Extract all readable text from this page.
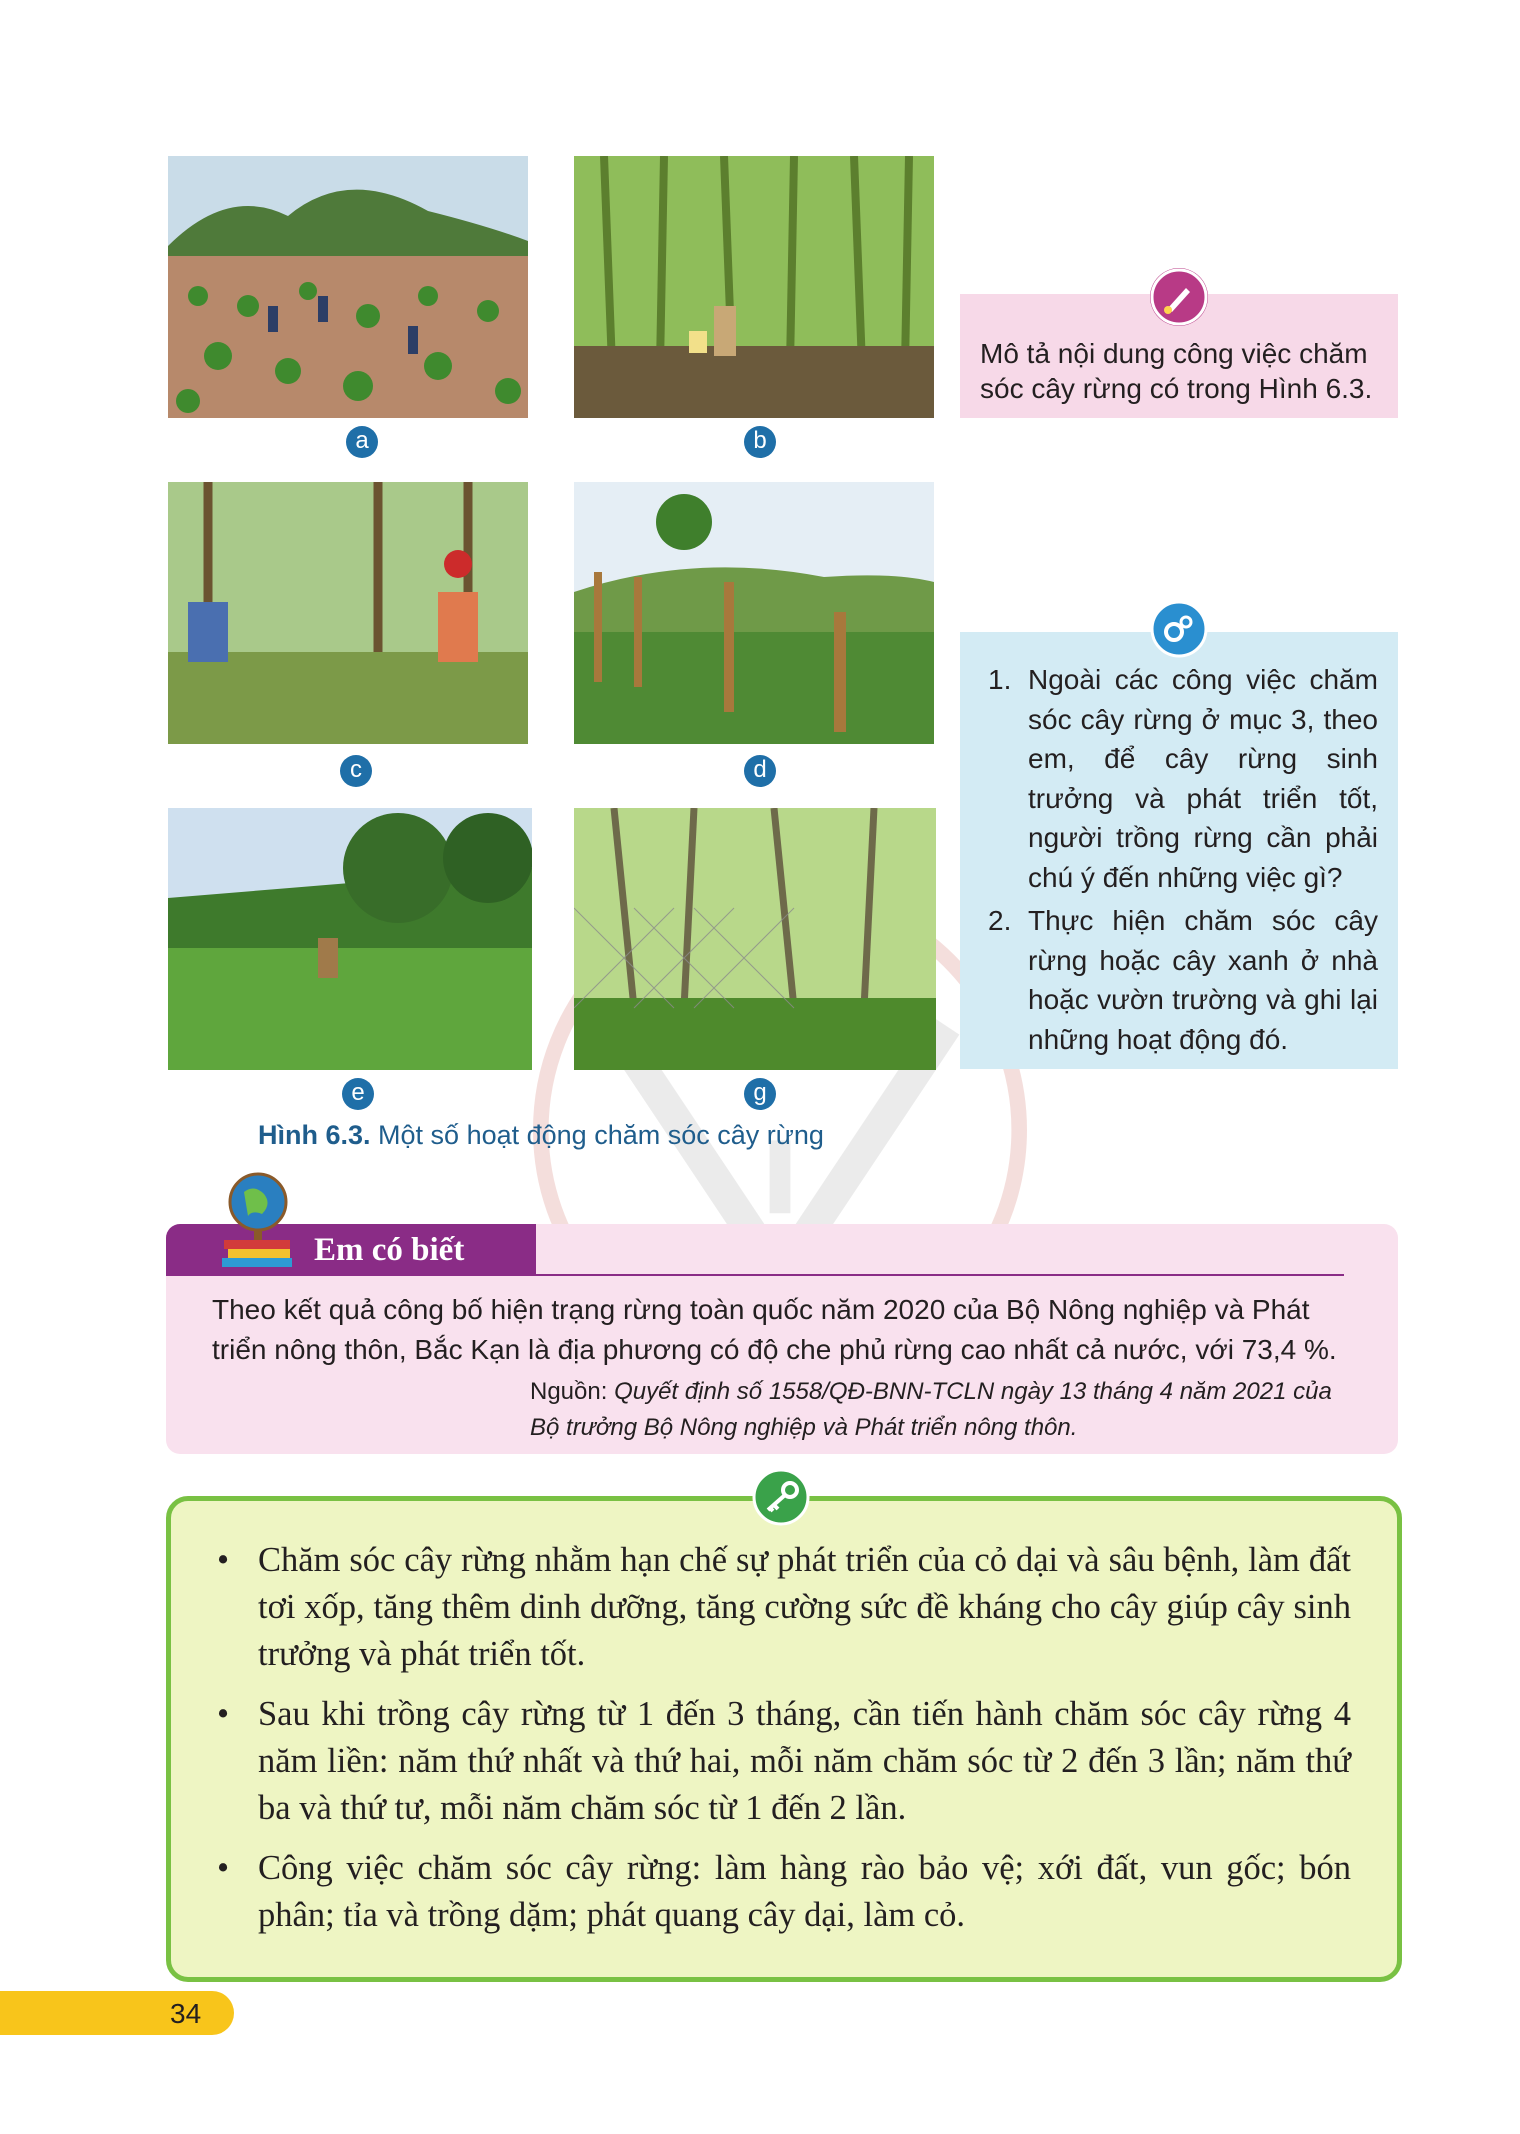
a	b
c	d
e	g
Hình 6.3. Một số hoạt động chăm sóc cây rừng

Mô tả nội dung công việc chăm sóc cây rừng có trong Hình 6.3.

1. Ngoài các công việc chăm sóc cây rừng ở mục 3, theo em, để cây rừng sinh trưởng và phát triển tốt, người trồng rừng cần phải chú ý đến những việc gì?
2. Thực hiện chăm sóc cây rừng hoặc cây xanh ở nhà hoặc vườn trường và ghi lại những hoạt động đó.
Em có biết
Theo kết quả công bố hiện trạng rừng toàn quốc năm 2020 của Bộ Nông nghiệp và Phát triển nông thôn, Bắc Kạn là địa phương có độ che phủ rừng cao nhất cả nước, với 73,4 %.
Nguồn: Quyết định số 1558/QĐ-BNN-TCLN ngày 13 tháng 4 năm 2021 của Bộ trưởng Bộ Nông nghiệp và Phát triển nông thôn.
• Chăm sóc cây rừng nhằm hạn chế sự phát triển của cỏ dại và sâu bệnh, làm đất tơi xốp, tăng thêm dinh dưỡng, tăng cường sức đề kháng cho cây giúp cây sinh trưởng và phát triển tốt.
• Sau khi trồng cây rừng từ 1 đến 3 tháng, cần tiến hành chăm sóc cây rừng 4 năm liền: năm thứ nhất và thứ hai, mỗi năm chăm sóc từ 2 đến 3 lần; năm thứ ba và thứ tư, mỗi năm chăm sóc từ 1 đến 2 lần.
• Công việc chăm sóc cây rừng: làm hàng rào bảo vệ; xới đất, vun gốc; bón phân; tỉa và trồng dặm; phát quang cây dại, làm cỏ.
34
